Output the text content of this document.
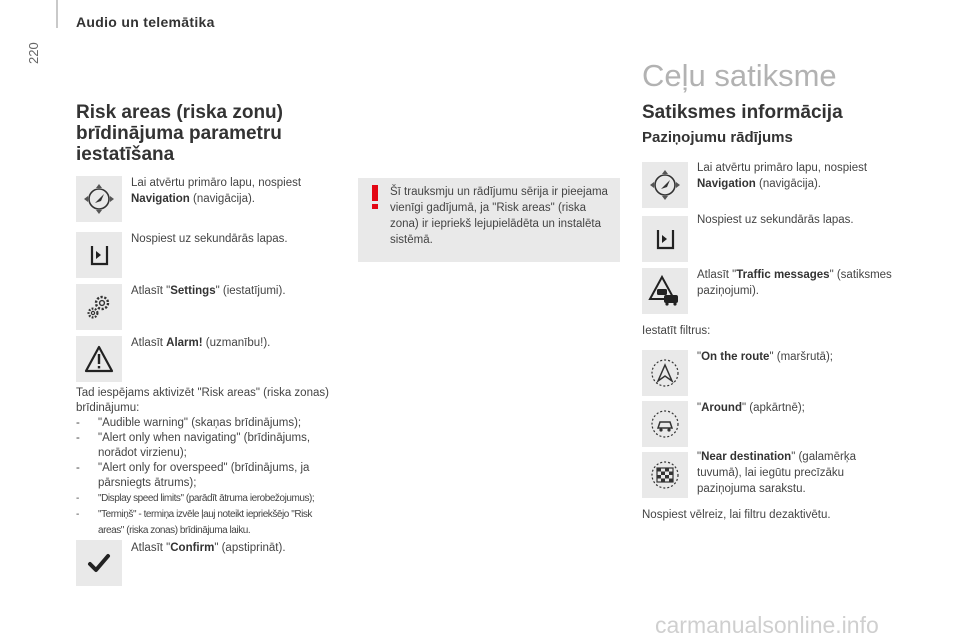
Audio un telemātika
220
Risk areas (riska zonu) brīdinājuma parametru iestatīšana
Lai atvērtu primāro lapu, nospiest Navigation (navigācija).
Nospiest uz sekundārās lapas.
Atlasīt "Settings" (iestatījumi).
Atlasīt Alarm! (uzmanību!).
Tad iespējams aktivizēt "Risk areas" (riska zonas) brīdinājumu:
- "Audible warning" (skaņas brīdinājums);
- "Alert only when navigating" (brīdinājums, norādot virzienu);
- "Alert only for overspeed" (brīdinājums, ja pārsniegts ātrums);
- "Display speed limits" (parādīt ātruma ierobežojumus);
- "Termiņš" - termiņa izvēle ļauj noteikt iepriekšējo "Risk areas" (riska zonas) brīdinājuma laiku.
Atlasīt "Confirm" (apstiprināt).
Šī trauksmju un rādījumu sērija ir pieejama vienīgi gadījumā, ja "Risk areas" (riska zona) ir iepriekš lejupielādēta un instalēta sistēmā.
Ceļu satiksme
Satiksmes informācija
Paziņojumu rādījums
Lai atvērtu primāro lapu, nospiest Navigation (navigācija).
Nospiest uz sekundārās lapas.
Atlasīt "Traffic messages" (satiksmes paziņojumi).
Iestatīt filtrus:
"On the route" (maršrutā);
"Around" (apkārtnē);
"Near destination" (galamērķa tuvumā), lai iegūtu precīzāku paziņojuma sarakstu.
Nospiest vēlreiz, lai filtru dezaktivētu.
carmanualsonline.info
